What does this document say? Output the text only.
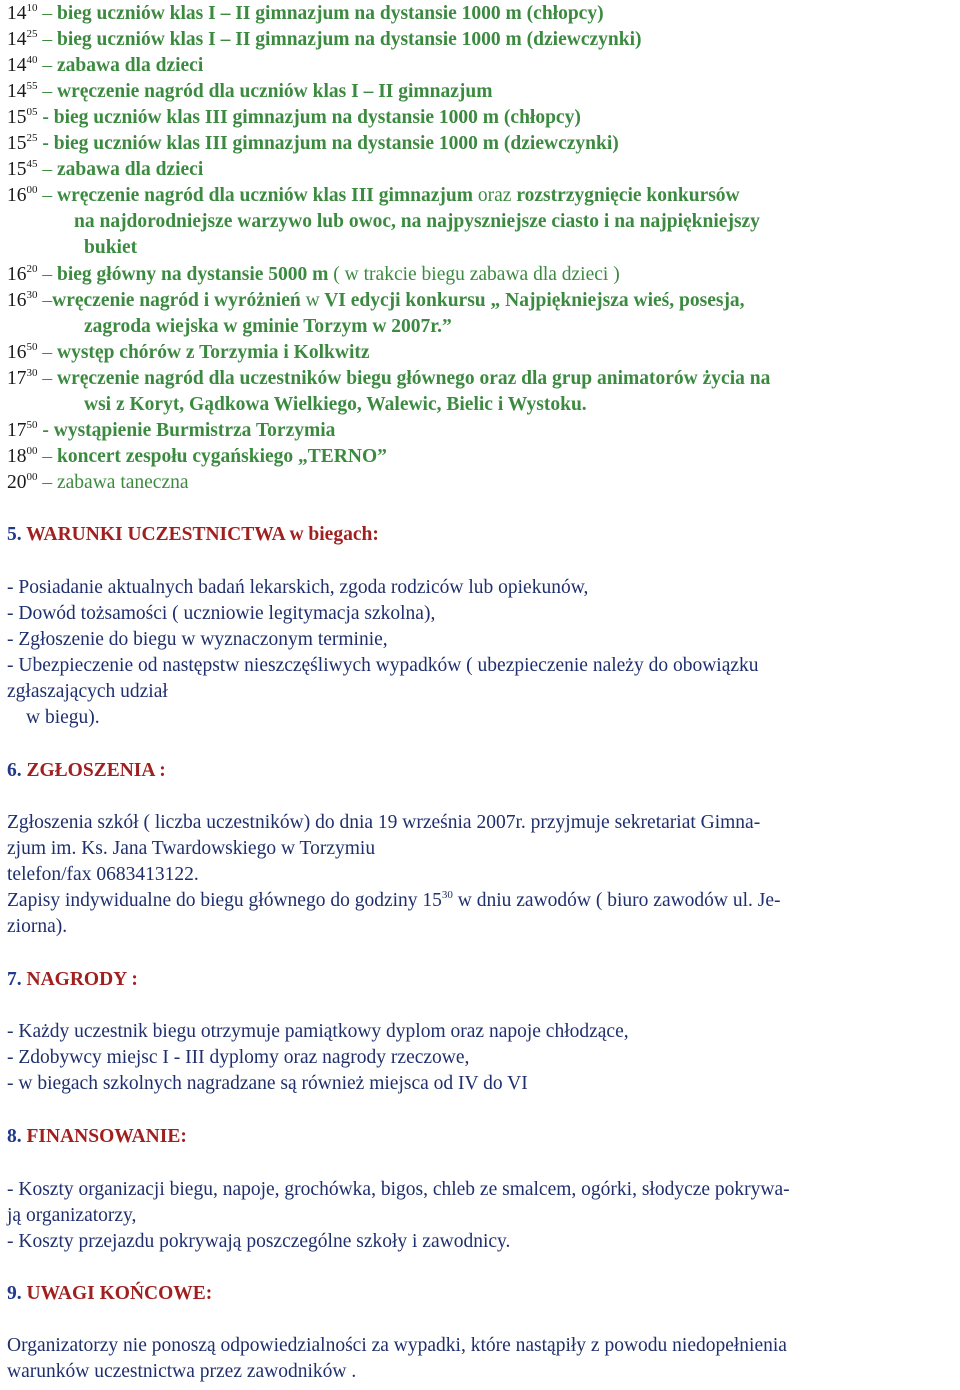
$14^{10}$ – bieg uczniów klas I – II gimnazjum na dystansie 1000 m (chłopcy)
$14^{25}$ – bieg uczniów klas I – II gimnazjum na dystansie 1000 m (dziewczynki)
$14^{40}$ – zabawa dla dzieci
$14^{55}$ – wręczenie nagród dla uczniów klas I – II gimnazjum
$15^{05}$ - bieg uczniów klas III gimnazjum na dystansie 1000 m (chłopcy)
$15^{25}$ - bieg uczniów klas III gimnazjum na dystansie 1000 m (dziewczynki)
$15^{45}$ – zabawa dla dzieci
$16^{00}$ – wręczenie nagród dla uczniów klas III gimnazjum oraz rozstrzygnięcie konkursów
na najdorodniejsze warzywo lub owoc, na najpyszniejsze ciasto i na najpiękniejszy
bukiet
$16^{20}$ – bieg główny na dystansie 5000 m ( w trakcie biegu zabawa dla dzieci )
$16^{30}$ –wręczenie nagród i wyróżnień w VI edycji konkursu „ Najpiękniejsza wieś, posesja,
zagroda wiejska w gminie Torzym w 2007r.”
$16^{50}$ – występ chórów z Torzymia i Kolkwitz
$17^{30}$ – wręczenie nagród dla uczestników biegu głównego oraz dla grup animatorów życia na
wsi z Koryt, Gądkowa Wielkiego, Walewic, Bielic i Wystoku.
$17^{50}$ - wystąpienie Burmistrza Torzymia
$18^{00}$ – koncert zespołu cygańskiego „TERNO”
$20^{00}$ – zabawa taneczna
5. WARUNKI UCZESTNICTWA w biegach:
- Posiadanie aktualnych badań lekarskich, zgoda rodziców lub opiekunów,
- Dowód tożsamości ( uczniowie legitymacja szkolna),
- Zgłoszenie do biegu w wyznaczonym terminie,
- Ubezpieczenie od następstw nieszczęśliwych wypadków ( ubezpieczenie należy do obowiązku
zgłaszających udział
w biegu).
6. ZGŁOSZENIA :
Zgłoszenia szkół ( liczba uczestników) do dnia 19 września 2007r. przyjmuje sekretariat Gimna-
zjum im. Ks. Jana Twardowskiego w Torzymiu
telefon/fax 0683413122.
Zapisy indywidualne do biegu głównego do godziny $15^{30}$ w dniu zawodów ( biuro zawodów ul. Je-
ziorna).
7. NAGRODY :
- Każdy uczestnik biegu otrzymuje pamiątkowy dyplom oraz napoje chłodzące,
- Zdobywcy miejsc I - III dyplomy oraz nagrody rzeczowe,
- w biegach szkolnych nagradzane są również miejsca od IV do VI
8. FINANSOWANIE:
- Koszty organizacji biegu, napoje, grochówka, bigos, chleb ze smalcem, ogórki, słodycze pokrywa-
ją organizatorzy,
- Koszty przejazdu pokrywają poszczególne szkoły i zawodnicy.
9. UWAGI KOŃCOWE:
Organizatorzy nie ponoszą odpowiedzialności za wypadki, które nastąpiły z powodu niedopełnienia
warunków uczestnictwa przez zawodników .
